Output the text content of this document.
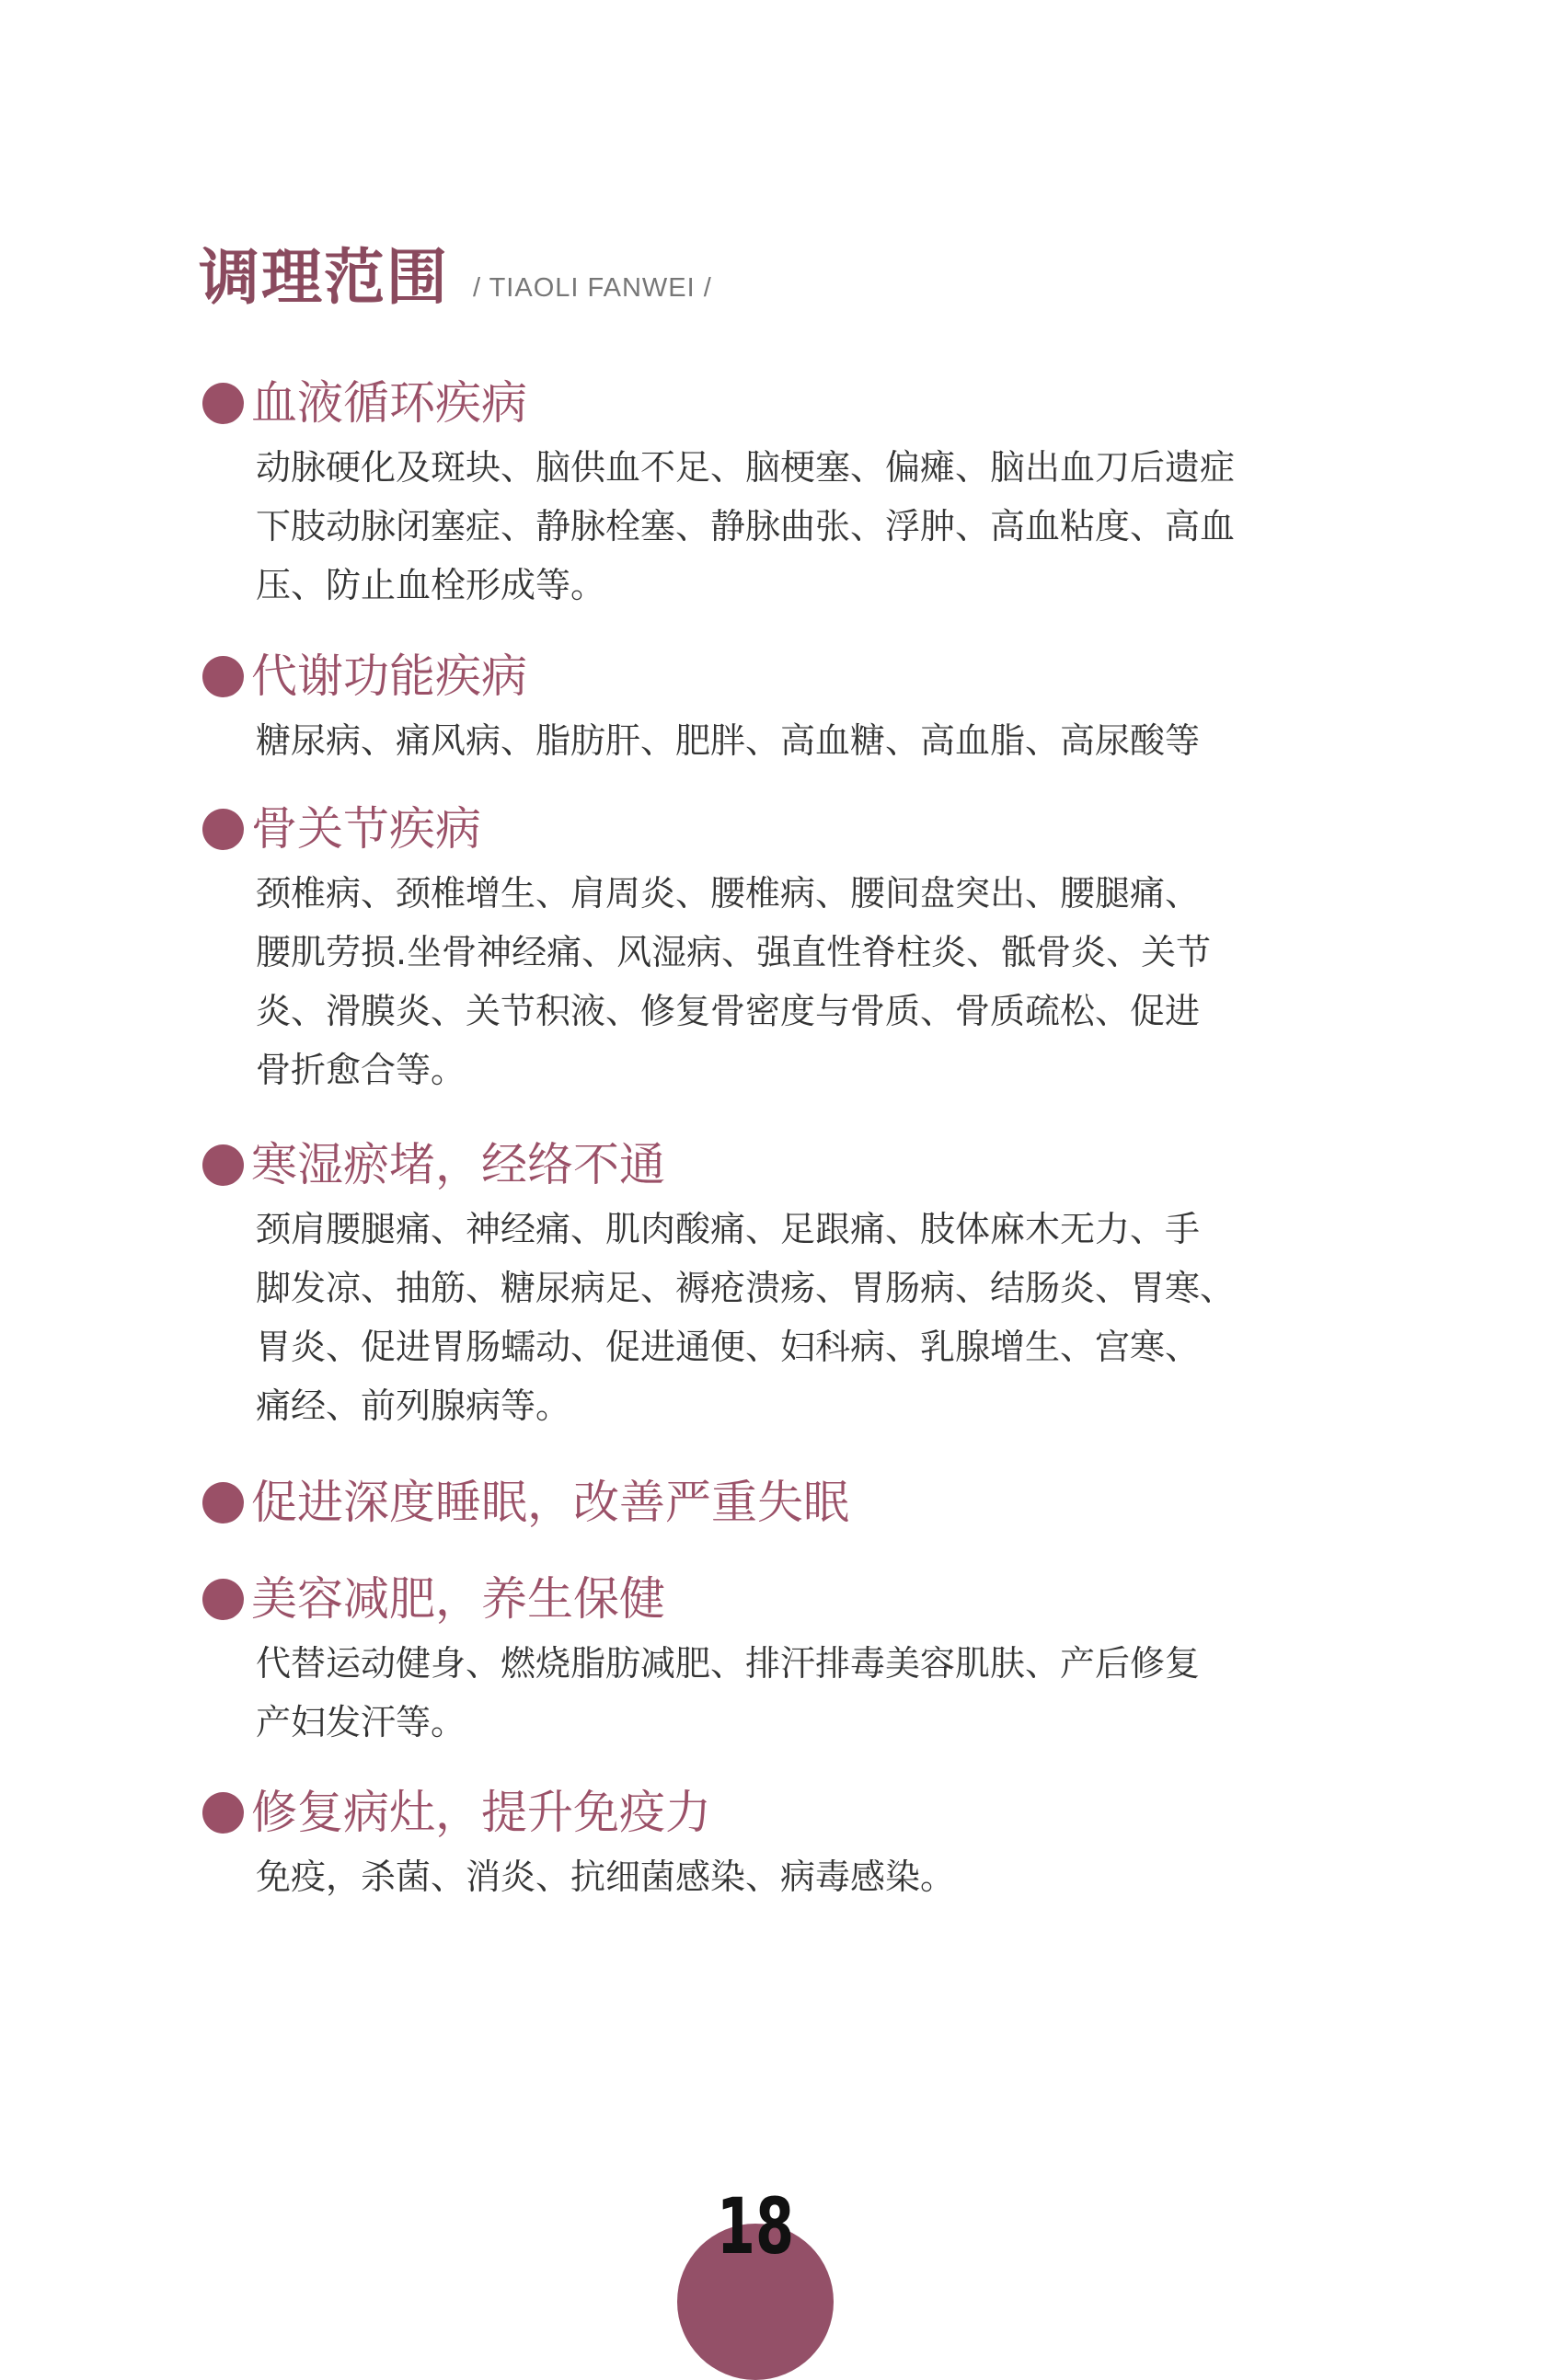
调理范围 / TIAOLI FANWEI /
血液循环疾病
动脉硬化及斑块、脑供血不足、脑梗塞、偏瘫、脑出血刀后遗症
下肢动脉闭塞症、静脉栓塞、静脉曲张、浮肿、高血粘度、高血
压、防止血栓形成等。
代谢功能疾病
糖尿病、痛风病、脂肪肝、肥胖、高血糖、高血脂、高尿酸等
骨关节疾病
颈椎病、颈椎增生、肩周炎、腰椎病、腰间盘突出、腰腿痛、
腰肌劳损.坐骨神经痛、风湿病、强直性脊柱炎、骶骨炎、关节
炎、滑膜炎、关节积液、修复骨密度与骨质、骨质疏松、促进
骨折愈合等。
寒湿瘀堵，经络不通
颈肩腰腿痛、神经痛、肌肉酸痛、足跟痛、肢体麻木无力、手
脚发凉、抽筋、糖尿病足、褥疮溃疡、胃肠病、结肠炎、胃寒、
胃炎、促进胃肠蠕动、促进通便、妇科病、乳腺增生、宫寒、
痛经、前列腺病等。
促进深度睡眠，改善严重失眠
美容减肥，养生保健
代替运动健身、燃烧脂肪减肥、排汗排毒美容肌肤、产后修复
产妇发汗等。
修复病灶，提升免疫力
免疫，杀菌、消炎、抗细菌感染、病毒感染。
18
